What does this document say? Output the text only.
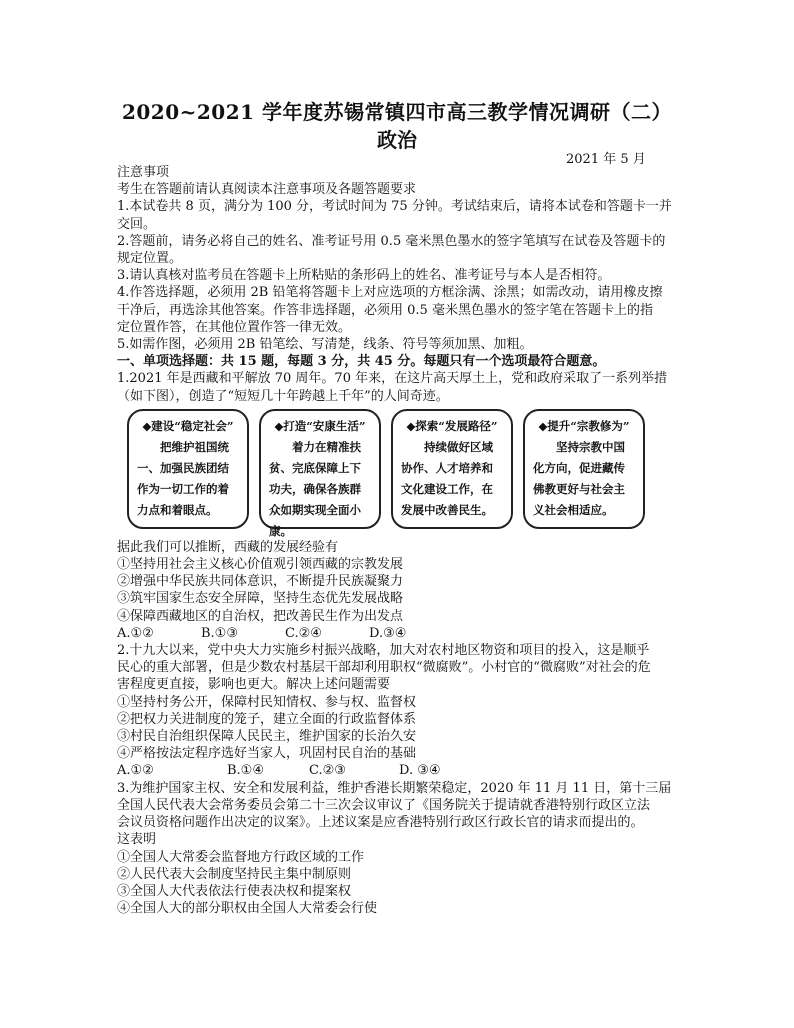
2020~2021 学年度苏锡常镇四市高三教学情况调研（二）
政治
2021 年 5 月

注意事项

考生在答题前请认真阅读本注意事项及各题答题要求

1.本试卷共 8 页，满分为 100 分，考试时间为 75 分钟。考试结束后，请将本试卷和答题卡一并

交回。

2.答题前，请务必将自己的姓名、准考证号用 0.5 毫米黑色墨水的签字笔填写在试卷及答题卡的

规定位置。

3.请认真核对监考员在答题卡上所粘贴的条形码上的姓名、准考证号与本人是否相符。

4.作答选择题，必须用 2B 铅笔将答题卡上对应选项的方框涂满、涂黑；如需改动，请用橡皮擦

干净后，再选涂其他答案。作答非选择题，必须用 0.5 毫米黑色墨水的签字笔在答题卡上的指

定位置作答，在其他位置作答一律无效。

5.如需作图，必须用 2B 铅笔绘、写清楚，线条、符号等须加黑、加粗。

一、单项选择题：共 15 题，每题 3 分，共 45 分。每题只有一个选项最符合题意。

1.2021 年是西藏和平解放 70 周年。70 年来，在这片高天厚土上，党和政府采取了一系列举措

（如下图），创造了“短短几十年跨越上千年”的人间奇迹。

◆建设“稳定社会”
把维护祖国统一、加强民族团结作为一切工作的着力点和着眼点。
◆打造“安康生活”
着力在精准扶贫、完底保障上下功夫，确保各族群众如期实现全面小康。
◆探索“发展路径”
持续做好区域协作、人才培养和文化建设工作，在发展中改善民生。
◆提升“宗教修为”
坚持宗教中国化方向，促进藏传佛教更好与社会主义社会相适应。

据此我们可以推断，西藏的发展经验有

①坚持用社会主义核心价值观引领西藏的宗教发展

②增强中华民族共同体意识，不断提升民族凝聚力

③筑牢国家生态安全屏障，坚持生态优先发展战略

④保障西藏地区的自治权，把改善民生作为出发点

A.①②	B.①③	C.②④	D.③④

2.十九大以来，党中央大力实施乡村振兴战略，加大对农村地区物资和项目的投入，这是顺乎

民心的重大部署，但是少数农村基层干部却利用职权“微腐败”。小村官的“微腐败”对社会的危

害程度更直接，影响也更大。解决上述问题需要

①坚持村务公开，保障村民知情权、参与权、监督权

②把权力关进制度的笼子，建立全面的行政监督体系

③村民自治组织保障人民民主，维护国家的长治久安

④严格按法定程序选好当家人，巩固村民自治的基础

A.①②	B.①④	C.②③	D. ③④

3.为维护国家主权、安全和发展利益，维护香港长期繁荣稳定，2020 年 11 月 11 日，第十三届

全国人民代表大会常务委员会第二十三次会议审议了《国务院关于提请就香港特别行政区立法

会议员资格问题作出决定的议案》。上述议案是应香港特别行政区行政长官的请求而提出的。

这表明

①全国人大常委会监督地方行政区域的工作

②人民代表大会制度坚持民主集中制原则

③全国人大代表依法行使表决权和提案权

④全国人大的部分职权由全国人大常委会行使
